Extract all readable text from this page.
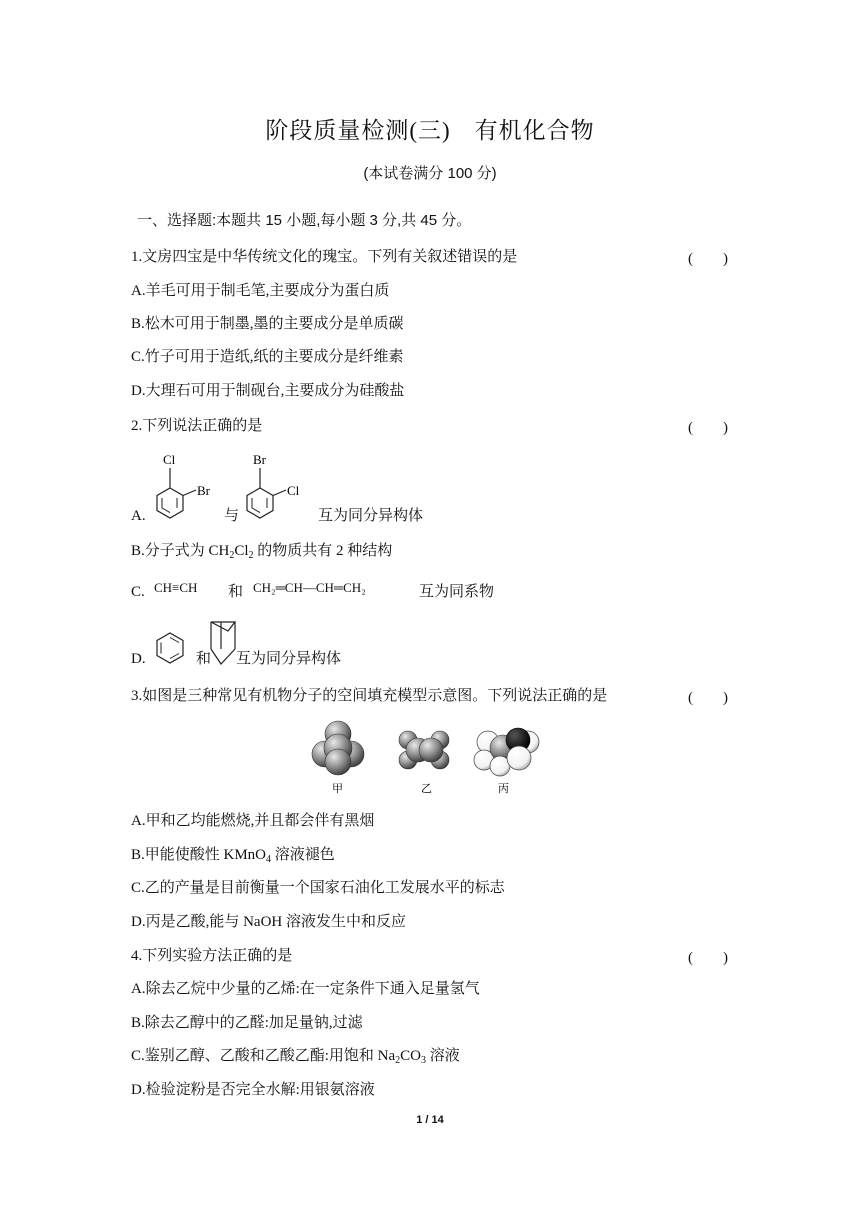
阶段质量检测(三)　有机化合物
(本试卷满分 100 分)
一、选择题:本题共 15 小题,每小题 3 分,共 45 分。
1.文房四宝是中华传统文化的瑰宝。下列有关叙述错误的是	(　　)
A.羊毛可用于制毛笔,主要成分为蛋白质
B.松木可用于制墨,墨的主要成分是单质碳
C.竹子可用于造纸,纸的主要成分是纤维素
D.大理石可用于制砚台,主要成分为硅酸盐
2.下列说法正确的是	(　　)
A.
Cl
Br
与
Br
Cl
互为同分异构体
B.分子式为 $CH_2Cl_2$ 的物质共有 2 种结构
C. CH≡CH 和 CH₂═CH—CH═CH₂	互为同系物
D.	和 互为同分异构体
3.如图是三种常见有机物分子的空间填充模型示意图。下列说法正确的是	(　　)
甲	乙	丙
A.甲和乙均能燃烧,并且都会伴有黑烟
B.甲能使酸性 KMnO$_4$ 溶液褪色
C.乙的产量是目前衡量一个国家石油化工发展水平的标志
D.丙是乙酸,能与 NaOH 溶液发生中和反应
4.下列实验方法正确的是	(　　)
A.除去乙烷中少量的乙烯:在一定条件下通入足量氢气
B.除去乙醇中的乙醛:加足量钠,过滤
C.鉴别乙醇、乙酸和乙酸乙酯:用饱和 $Na_2CO_3$ 溶液
D.检验淀粉是否完全水解:用银氨溶液
1 / 14
